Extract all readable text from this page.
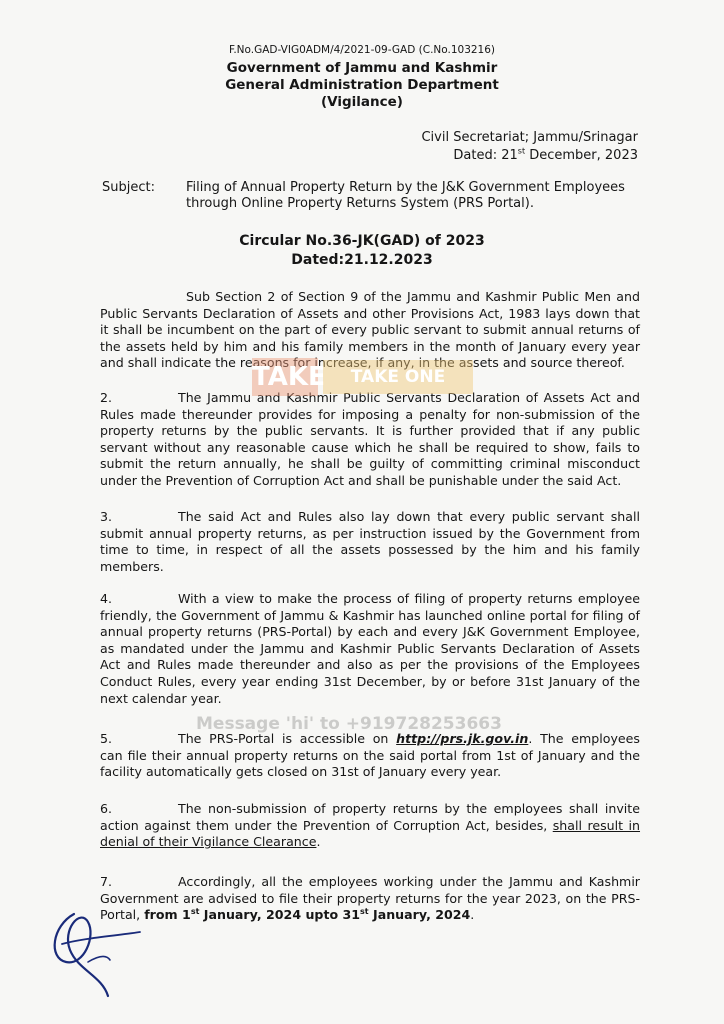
F.No.GAD-VIG0ADM/4/2021-09-GAD (C.No.103216)
Government of Jammu and Kashmir
General Administration Department
(Vigilance)
Civil Secretariat; Jammu/Srinagar
Dated: 21st December, 2023
Subject: Filing of Annual Property Return by the J&K Government Employees through Online Property Returns System (PRS Portal).
Circular No.36-JK(GAD) of 2023
Dated:21.12.2023
Sub Section 2 of Section 9 of the Jammu and Kashmir Public Men and Public Servants Declaration of Assets and other Provisions Act, 1983 lays down that it shall be incumbent on the part of every public servant to submit annual returns of the assets held by him and his family members in the month of January every year and shall indicate the reasons for increase, if any, in the assets and source thereof.
2.	The Jammu and Kashmir Public Servants Declaration of Assets Act and Rules made thereunder provides for imposing a penalty for non-submission of the property returns by the public servants. It is further provided that if any public servant without any reasonable cause which he shall be required to show, fails to submit the return annually, he shall be guilty of committing criminal misconduct under the Prevention of Corruption Act and shall be punishable under the said Act.
3.	The said Act and Rules also lay down that every public servant shall submit annual property returns, as per instruction issued by the Government from time to time, in respect of all the assets possessed by the him and his family members.
4.	With a view to make the process of filing of property returns employee friendly, the Government of Jammu & Kashmir has launched online portal for filing of annual property returns (PRS-Portal) by each and every J&K Government Employee, as mandated under the Jammu and Kashmir Public Servants Declaration of Assets Act and Rules made thereunder and also as per the provisions of the Employees Conduct Rules, every year ending 31st December, by or before 31st January of the next calendar year.
5.	The PRS-Portal is accessible on http://prs.jk.gov.in. The employees can file their annual property returns on the said portal from 1st of January and the facility automatically gets closed on 31st of January every year.
6.	The non-submission of property returns by the employees shall invite action against them under the Prevention of Corruption Act, besides, shall result in denial of their Vigilance Clearance.
7.	Accordingly, all the employees working under the Jammu and Kashmir Government are advised to file their property returns for the year 2023, on the PRS-Portal, from 1st January, 2024 upto 31st January, 2024.
TAKE	TAKE ONE
Message 'hi' to +919728253663
